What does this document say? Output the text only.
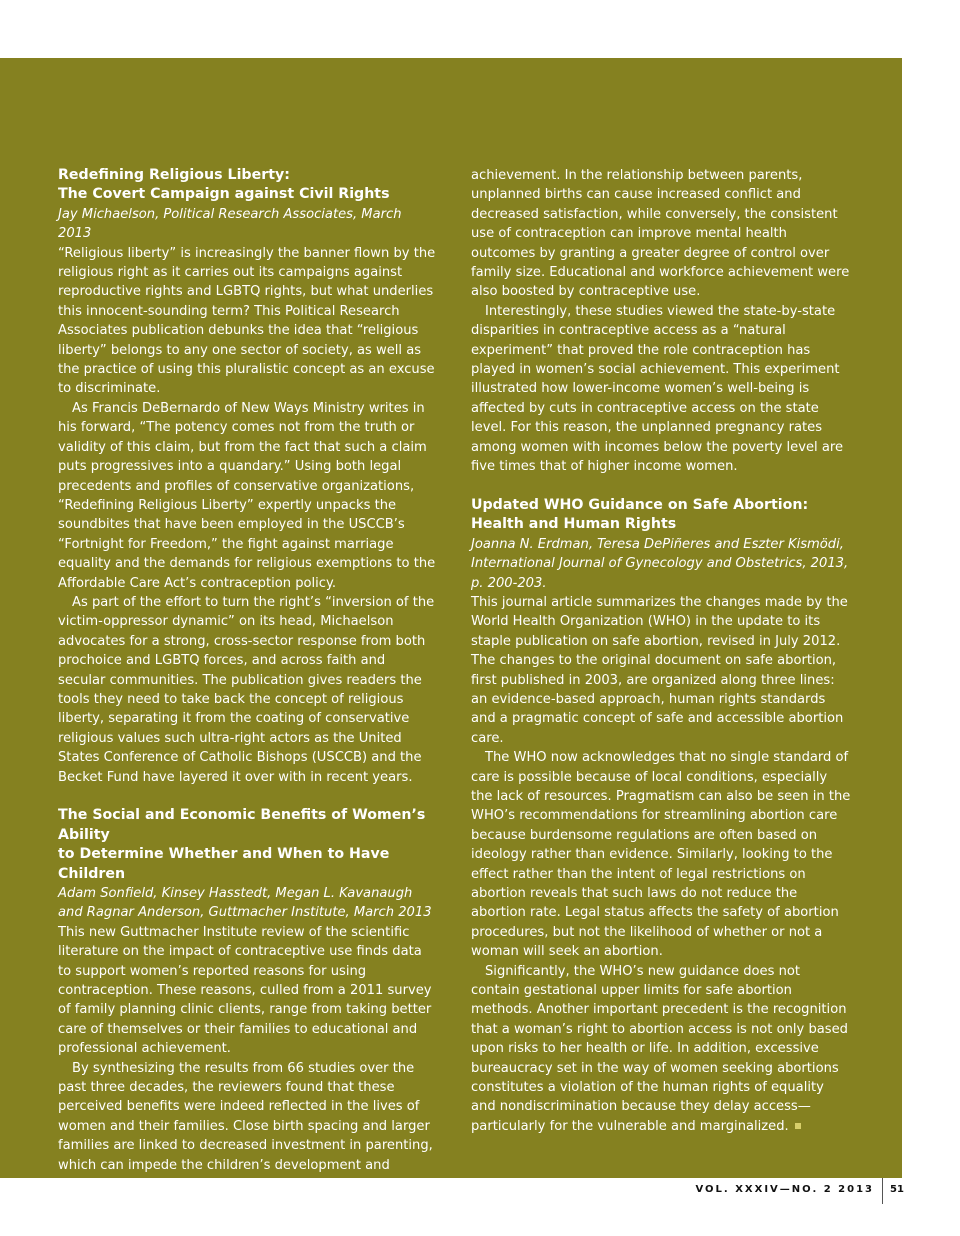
Redefining Religious Liberty:
The Covert Campaign against Civil Rights
Jay Michaelson, Political Research Associates, March 2013

“Religious liberty” is increasingly the banner flown by the religious right as it carries out its campaigns against reproductive rights and LGBTQ rights, but what underlies this innocent-sounding term? This Political Research Associates publication debunks the idea that “religious liberty” belongs to any one sector of society, as well as the practice of using this pluralistic concept as an excuse to discriminate.

As Francis DeBernardo of New Ways Ministry writes in his forward, “The potency comes not from the truth or validity of this claim, but from the fact that such a claim puts progressives into a quandary.” Using both legal precedents and profiles of conservative organizations, “Redefining Religious Liberty” expertly unpacks the soundbites that have been employed in the USCCB’s “Fortnight for Freedom,” the fight against marriage equality and the demands for religious exemptions to the Affordable Care Act’s contraception policy.

As part of the effort to turn the right’s “inversion of the victim-oppressor dynamic” on its head, Michaelson advocates for a strong, cross-sector response from both prochoice and LGBTQ forces, and across faith and secular communities. The publication gives readers the tools they need to take back the concept of religious liberty, separating it from the coating of conservative religious values such ultra-right actors as the United States Conference of Catholic Bishops (USCCB) and the Becket Fund have layered it over with in recent years.

The Social and Economic Benefits of Women’s Ability
to Determine Whether and When to Have Children
Adam Sonfield, Kinsey Hasstedt, Megan L. Kavanaugh and Ragnar Anderson, Guttmacher Institute, March 2013

This new Guttmacher Institute review of the scientific literature on the impact of contraceptive use finds data to support women’s reported reasons for using contraception. These reasons, culled from a 2011 survey of family planning clinic clients, range from taking better care of themselves or their families to educational and professional achievement.

By synthesizing the results from 66 studies over the past three decades, the reviewers found that these perceived benefits were indeed reflected in the lives of women and their families. Close birth spacing and larger families are linked to decreased investment in parenting, which can impede the children’s development and educational

achievement. In the relationship between parents, unplanned births can cause increased conflict and decreased satisfaction, while conversely, the consistent use of contraception can improve mental health outcomes by granting a greater degree of control over family size. Educational and workforce achievement were also boosted by contraceptive use.

Interestingly, these studies viewed the state-by-state disparities in contraceptive access as a “natural experiment” that proved the role contraception has played in women’s social achievement. This experiment illustrated how lower-income women’s well-being is affected by cuts in contraceptive access on the state level. For this reason, the unplanned pregnancy rates among women with incomes below the poverty level are five times that of higher income women.

Updated WHO Guidance on Safe Abortion:
Health and Human Rights
Joanna N. Erdman, Teresa DePiñeres and Eszter Kismödi, International Journal of Gynecology and Obstetrics, 2013, p. 200-203.

This journal article summarizes the changes made by the World Health Organization (WHO) in the update to its staple publication on safe abortion, revised in July 2012. The changes to the original document on safe abortion, first published in 2003, are organized along three lines: an evidence-based approach, human rights standards and a pragmatic concept of safe and accessible abortion care.

The WHO now acknowledges that no single standard of care is possible because of local conditions, especially the lack of resources. Pragmatism can also be seen in the WHO’s recommendations for streamlining abortion care because burdensome regulations are often based on ideology rather than evidence. Similarly, looking to the effect rather than the intent of legal restrictions on abortion reveals that such laws do not reduce the abortion rate. Legal status affects the safety of abortion procedures, but not the likelihood of whether or not a woman will seek an abortion.

Significantly, the WHO’s new guidance does not contain gestational upper limits for safe abortion methods. Another important precedent is the recognition that a woman’s right to abortion access is not only based upon risks to her health or life. In addition, excessive bureaucracy set in the way of women seeking abortions constitutes a violation of the human rights of equality and nondiscrimination because they delay access—particularly for the vulnerable and marginalized.

VOL. XXXIV—NO. 2 2013 51
